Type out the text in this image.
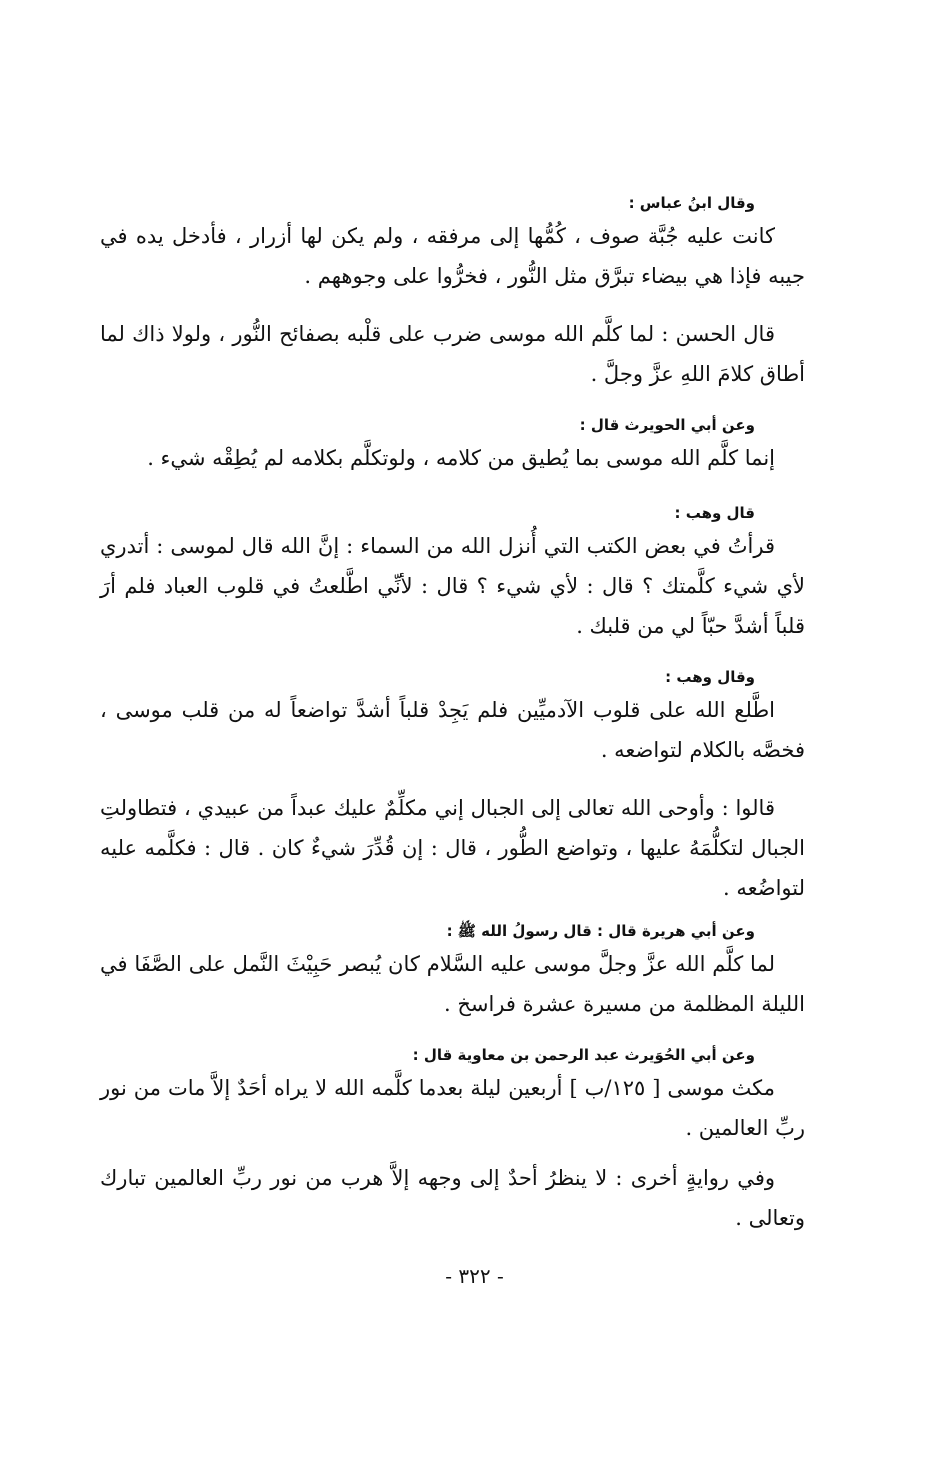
وقال ابنُ عباس :

كانت عليه جُبَّة صوف ، كُمُّها إلى مرفقه ، ولم يكن لها أزرار ، فأدخل يده في جيبه فإذا هي بيضاء تبرَّق مثل النُّور ، فخرُّوا على وجوههم .

قال الحسن : لما كلَّم الله موسى ضرب على قلْبه بصفائح النُّور ، ولولا ذاك لما أطاق كلامَ اللهِ عزَّ وجلَّ .

وعن أبي الحويرث قال :

إنما كلَّم الله موسى بما يُطيق من كلامه ، ولوتكلَّم بكلامه لم يُطِقْه شيء .

قال وهب :

قرأتُ في بعض الكتب التي أُنزل الله من السماء : إنَّ الله قال لموسى : أتدري لأي شيء كلَّمتك ؟ قال : لأي شيء ؟ قال : لأنِّي اطَّلعتُ في قلوب العباد فلم أرَ قلباً أشدَّ حبّاً لي من قلبك .

وقال وهب :

اطَّلع الله على قلوب الآدميِّين فلم يَجِدْ قلباً أشدَّ تواضعاً له من قلب موسى ، فخصَّه بالكلام لتواضعه .

قالوا : وأوحى الله تعالى إلى الجبال إني مكلِّمٌ عليك عبداً من عبيدي ، فتطاولتِ الجبال لتكلُّمَهُ عليها ، وتواضع الطُّور ، قال : إن قُدِّرَ شيءٌ كان . قال : فكلَّمه عليه لتواضُعه .

وعن أبي هريرة قال : قال رسولُ الله ﷺ :

لما كلَّم الله عزَّ وجلَّ موسى عليه السَّلام كان يُبصر حَبِيْثَ النَّمل على الصَّفَا في الليلة المظلمة من مسيرة عشرة فراسخ .

وعن أبي الحُوَيرث عبد الرحمن بن معاوية قال :

مكث موسى [ ١٢٥/ب ] أربعين ليلة بعدما كلَّمه الله لا يراه أحَدٌ إلاَّ مات من نور ربِّ العالمين .

وفي روايةٍ أخرى : لا ينظرُ أحدٌ إلى وجهه إلاَّ هرب من نور ربِّ العالمين تبارك وتعالى .

- ٣٢٢ -
